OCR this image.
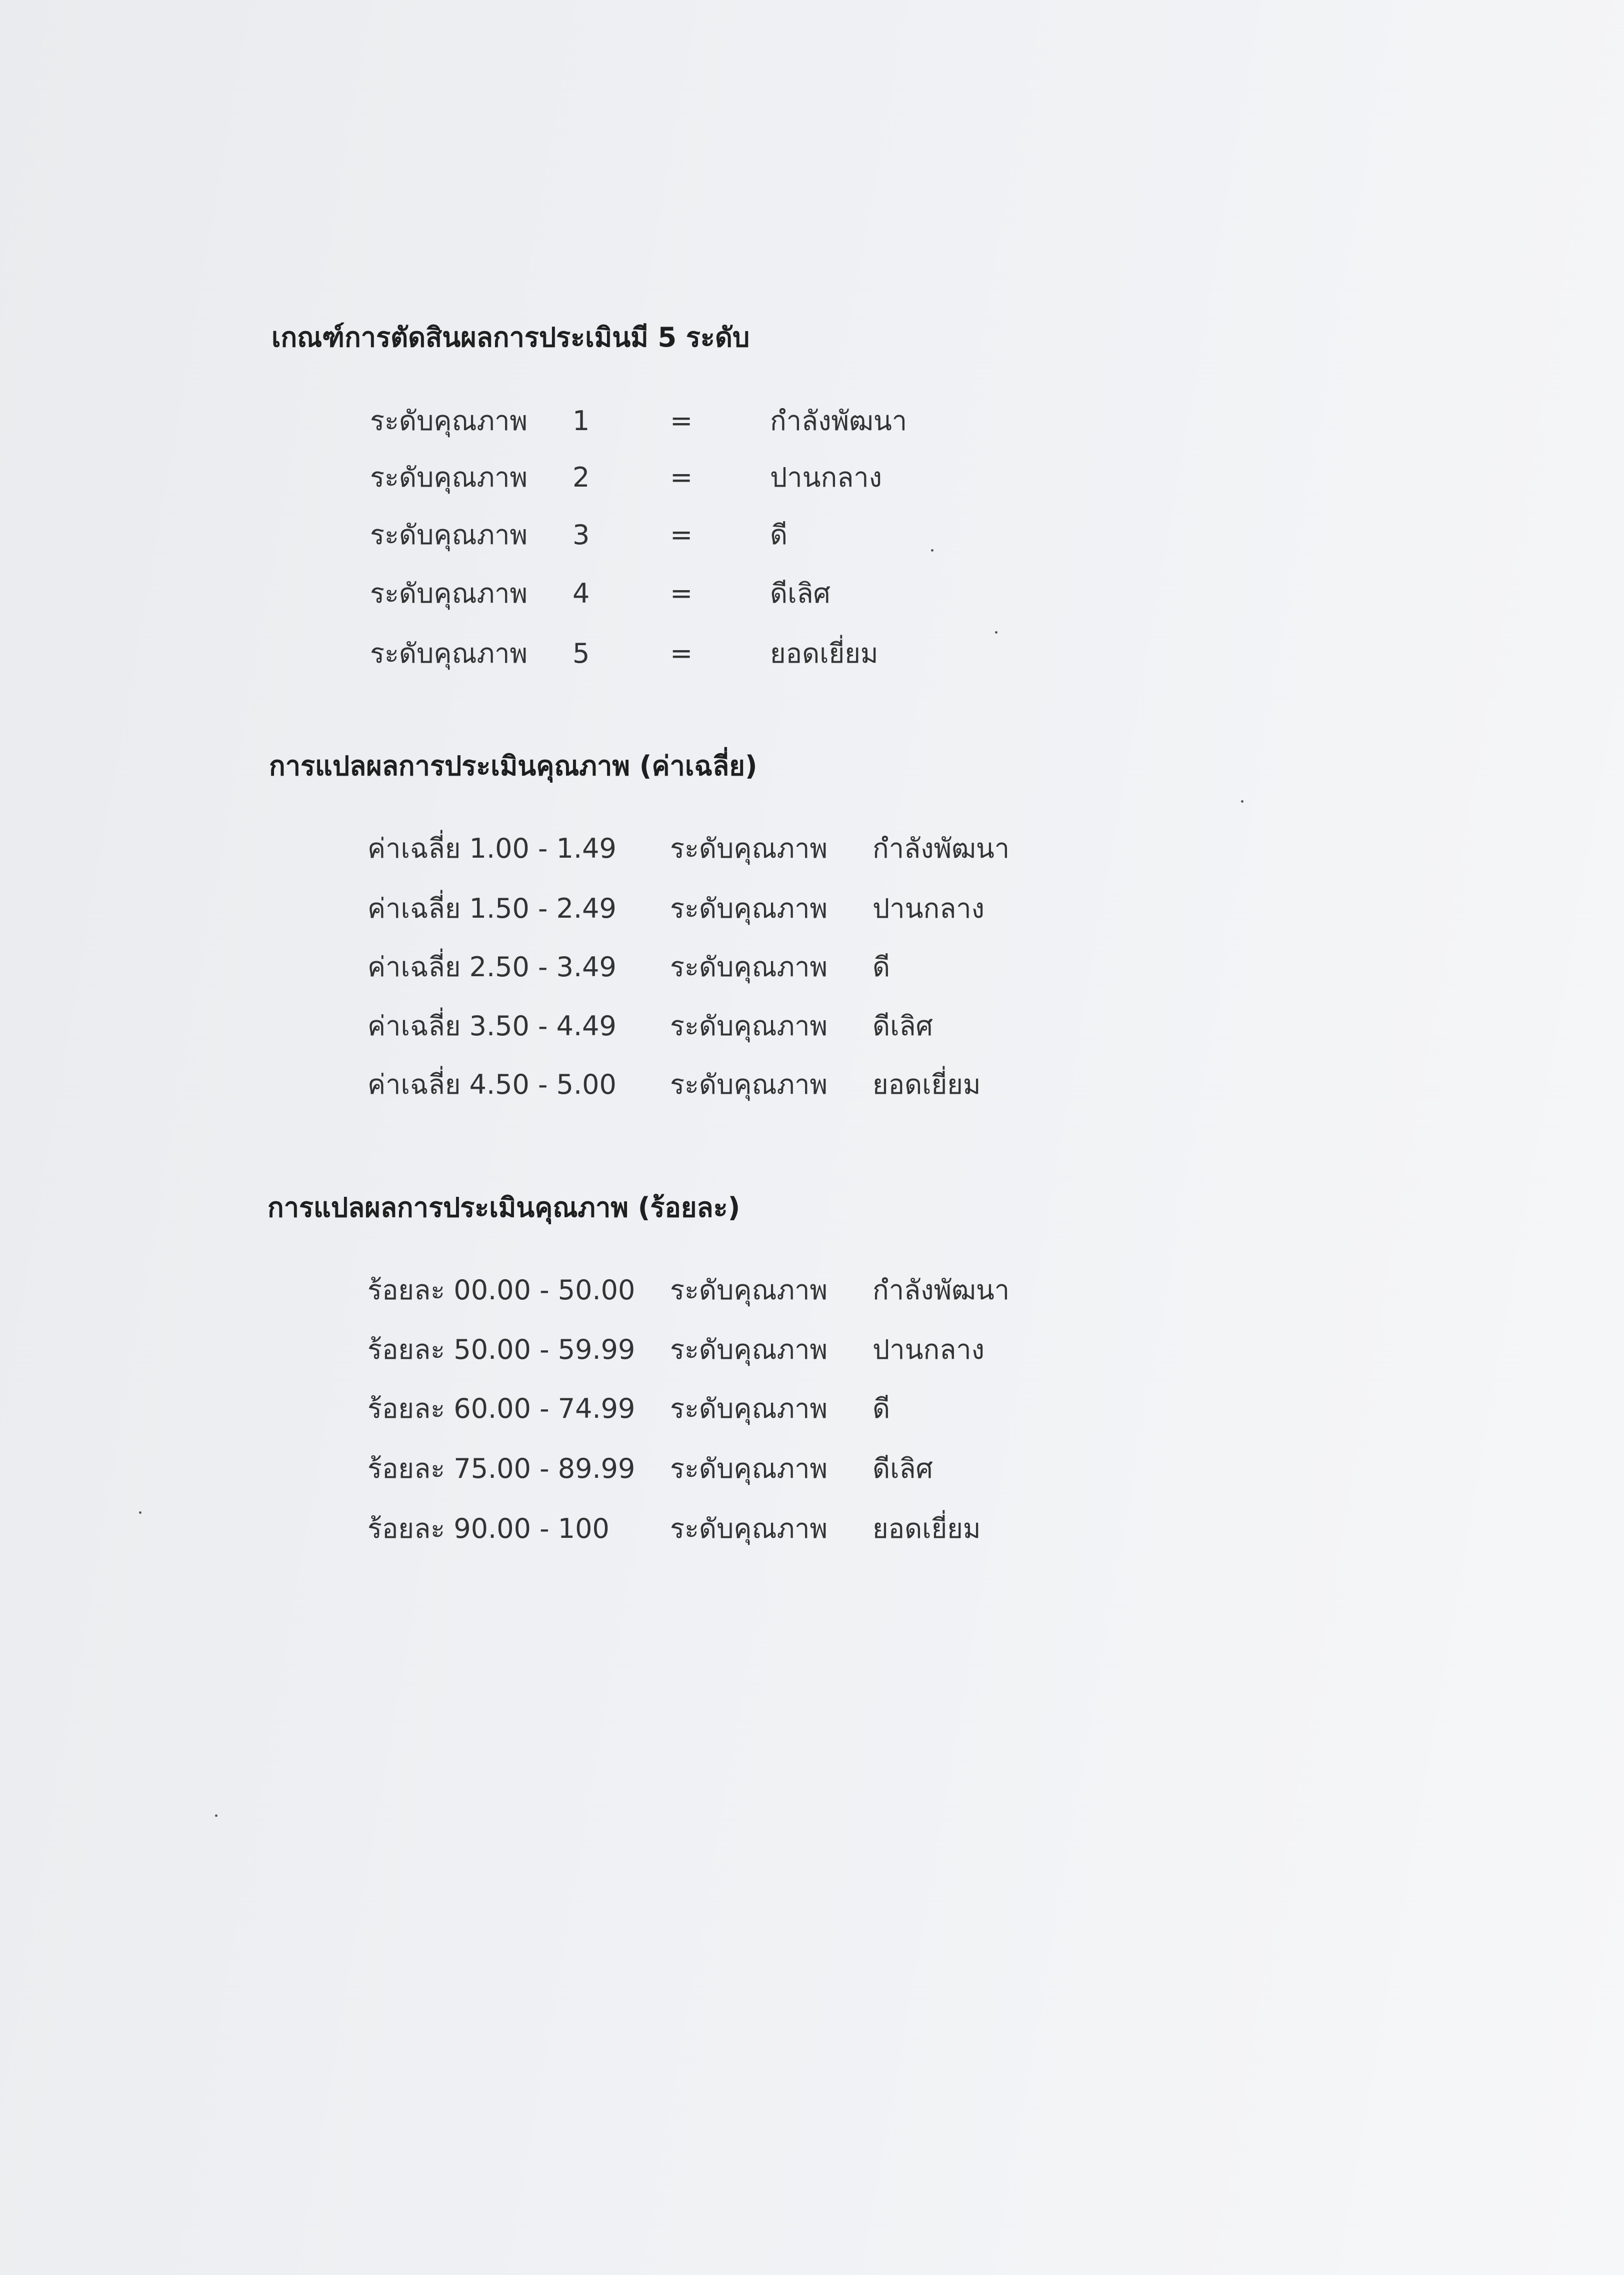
เกณฑ์การตัดสินผลการประเมินมี 5 ระดับ
ระดับคุณภาพ 1	=	กำลังพัฒนา
ระดับคุณภาพ 2	=	ปานกลาง
ระดับคุณภาพ 3	=	ดี
ระดับคุณภาพ 4	=	ดีเลิศ
ระดับคุณภาพ 5	=	ยอดเยี่ยม
การแปลผลการประเมินคุณภาพ (ค่าเฉลี่ย)
ค่าเฉลี่ย 1.00 - 1.49 ระดับคุณภาพ กำลังพัฒนา
ค่าเฉลี่ย 1.50 - 2.49 ระดับคุณภาพ ปานกลาง
ค่าเฉลี่ย 2.50 - 3.49 ระดับคุณภาพ ดี
ค่าเฉลี่ย 3.50 - 4.49 ระดับคุณภาพ ดีเลิศ
ค่าเฉลี่ย 4.50 - 5.00 ระดับคุณภาพ ยอดเยี่ยม
การแปลผลการประเมินคุณภาพ (ร้อยละ)
ร้อยละ 00.00 - 50.00 ระดับคุณภาพ กำลังพัฒนา
ร้อยละ 50.00 - 59.99 ระดับคุณภาพ ปานกลาง
ร้อยละ 60.00 - 74.99 ระดับคุณภาพ ดี
ร้อยละ 75.00 - 89.99 ระดับคุณภาพ ดีเลิศ
ร้อยละ 90.00 - 100 ระดับคุณภาพ ยอดเยี่ยม
